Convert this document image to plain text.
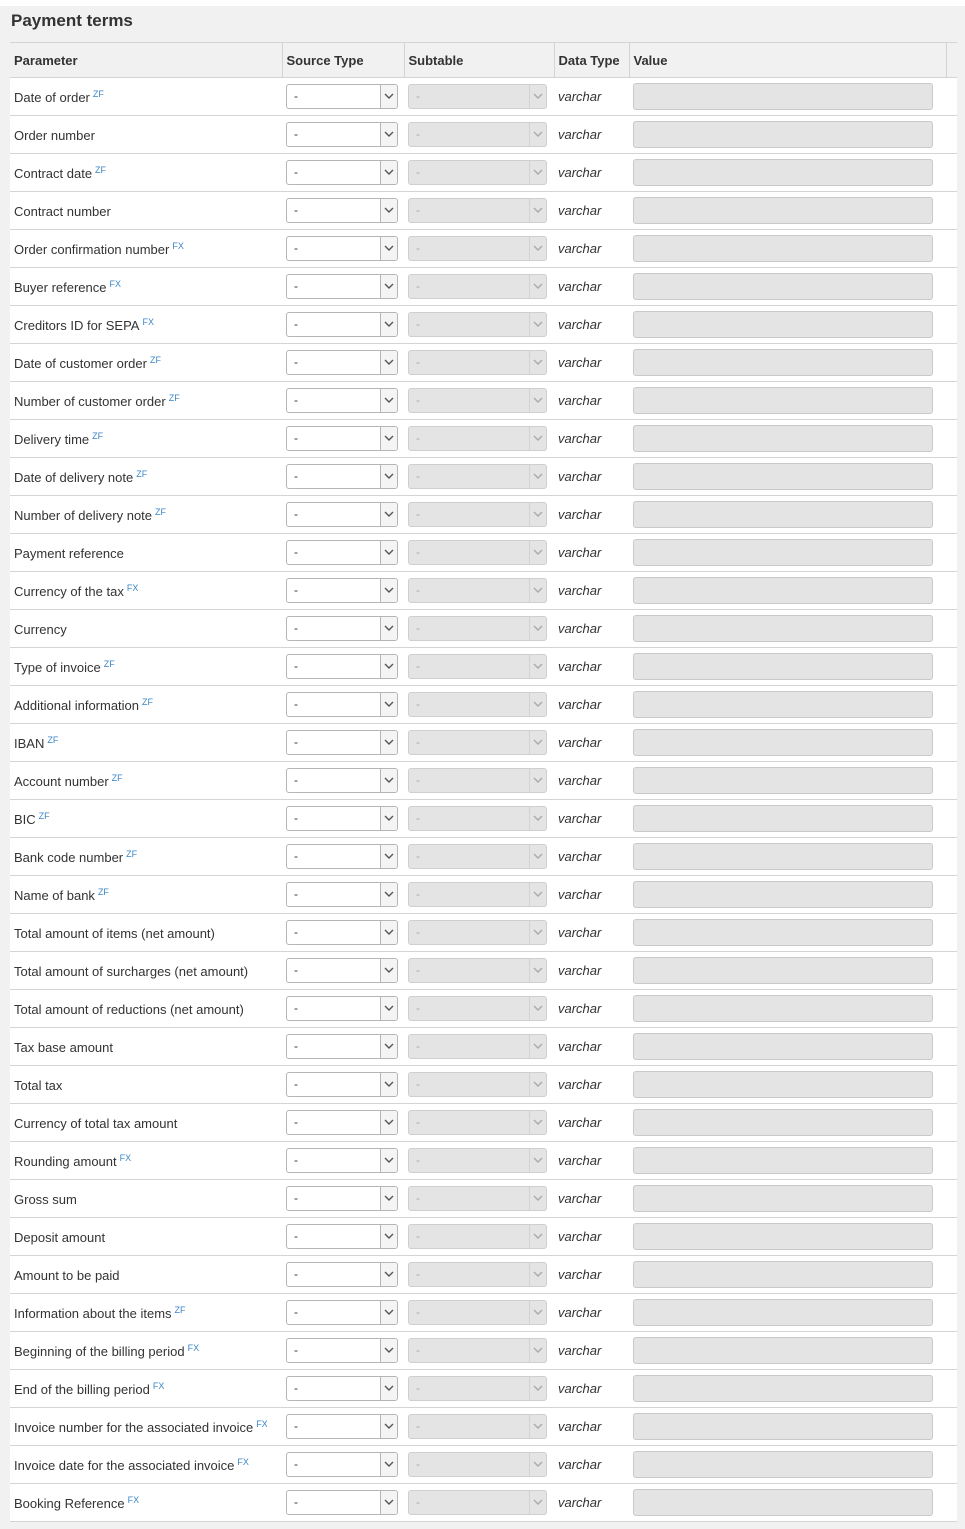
Payment terms
Parameter	Source Type	Subtable	Data Type	Value	
Date of order $^{ZF}$	-	-	varchar	

Order number	-	-	varchar	

Contract date $^{ZF}$	-	-	varchar	

Contract number	-	-	varchar	

Order confirmation number $^{FX}$	-	-	varchar	

Buyer reference $^{FX}$	-	-	varchar	

Creditors ID for SEPA $^{FX}$	-	-	varchar	

Date of customer order $^{ZF}$	-	-	varchar	

Number of customer order $^{ZF}$	-	-	varchar	

Delivery time $^{ZF}$	-	-	varchar	

Date of delivery note $^{ZF}$	-	-	varchar	

Number of delivery note $^{ZF}$	-	-	varchar	

Payment reference	-	-	varchar	

Currency of the tax $^{FX}$	-	-	varchar	

Currency	-	-	varchar	

Type of invoice $^{ZF}$	-	-	varchar	

Additional information $^{ZF}$	-	-	varchar	

IBAN $^{ZF}$	-	-	varchar	

Account number $^{ZF}$	-	-	varchar	

BIC $^{ZF}$	-	-	varchar	

Bank code number $^{ZF}$	-	-	varchar	

Name of bank $^{ZF}$	-	-	varchar	

Total amount of items (net amount)	-	-	varchar	

Total amount of surcharges (net amount)	-	-	varchar	

Total amount of reductions (net amount)	-	-	varchar	

Tax base amount	-	-	varchar	

Total tax	-	-	varchar	

Currency of total tax amount	-	-	varchar	

Rounding amount $^{FX}$	-	-	varchar	

Gross sum	-	-	varchar	

Deposit amount	-	-	varchar	

Amount to be paid	-	-	varchar	

Information about the items $^{ZF}$	-	-	varchar	

Beginning of the billing period $^{FX}$	-	-	varchar	

End of the billing period $^{FX}$	-	-	varchar	

Invoice number for the associated invoice $^{FX}$	-	-	varchar	

Invoice date for the associated invoice $^{FX}$	-	-	varchar	

Booking Reference $^{FX}$	-	-	varchar	
